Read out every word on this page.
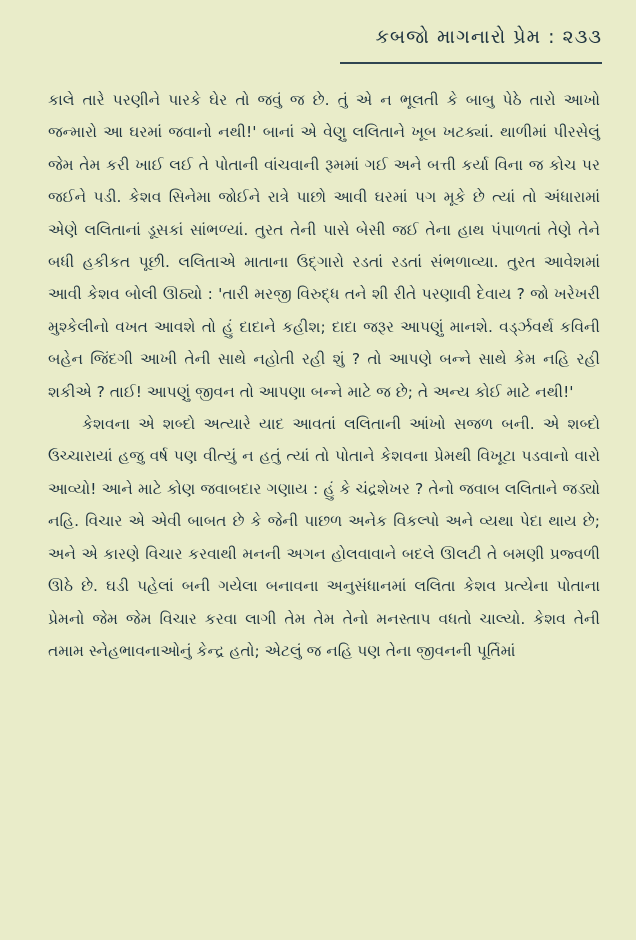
કબજો માગનારો પ્રેમ : ૨૩૩

કાલે તારે પરણીને પારકે ઘેર તો જવું જ છે. તું એ ન ભૂલતી કે બાબુ પેઠે તારો આખો જન્મારો આ ઘરમાં જવાનો નથી!' બાનાં એ વેણુ લલિતાને ખૂબ ખટક્યાં. થાળીમાં પીરસેલું જેમ તેમ કરી ખાઈ લઈ તે પોતાની વાંચવાની રૂમમાં ગઈ અને બત્તી કર્યા વિના જ કોચ પર જઈને પડી. કેશવ સિનેમા જોઈને રાત્રે પાછો આવી ઘરમાં પગ મૂકે છે ત્યાં તો અંધારામાં એણે લલિતાનાં ડૂસકાં સાંભળ્યાં. તુરત તેની પાસે બેસી જઈ તેના હાથ પંપાળતાં તેણે તેને બધી હકીકત પૂછી. લલિતાએ માતાના ઉદ્ગારો રડતાં રડતાં સંભળાવ્યા. તુરત આવેશમાં આવી કેશવ બોલી ઊઠ્યો : 'તારી મરજી વિરુદ્ધ તને શી રીતે પરણાવી દેવાય ? જો ખરેખરી મુશ્કેલીનો વખત આવશે તો હું દાદાને કહીશ; દાદા જરૂર આપણું માનશે. વર્ડ્ઝવર્થ કવિની બહેન જિંદગી આખી તેની સાથે નહોતી રહી શું ? તો આપણે બન્ને સાથે કેમ નહિ રહી શકીએ ? તાઈ! આપણું જીવન તો આપણા બન્ને માટે જ છે; તે અન્ય કોઈ માટે નથી!'

કેશવના એ શબ્દો અત્યારે યાદ આવતાં લલિતાની આંખો સજળ બની. એ શબ્દો ઉચ્ચારાયાં હજુ વર્ષ પણ વીત્યું ન હતું ત્યાં તો પોતાને કેશવના પ્રેમથી વિખૂટા પડવાનો વારો આવ્યો! આને માટે કોણ જવાબદાર ગણાય : હું કે ચંદ્રશેખર ? તેનો જવાબ લલિતાને જડ્યો નહિ. વિચાર એ એવી બાબત છે કે જેની પાછળ અનેક વિકલ્પો અને વ્યથા પેદા થાય છે; અને એ કારણે વિચાર કરવાથી મનની અગન હોલવાવાને બદલે ઊલટી તે બમણી પ્રજ્વળી ઊઠે છે. ઘડી પહેલાં બની ગયેલા બનાવના અનુસંધાનમાં લલિતા કેશવ પ્રત્યેના પોતાના પ્રેમનો જેમ જેમ વિચાર કરવા લાગી તેમ તેમ તેનો મનસ્તાપ વધતો ચાલ્યો. કેશવ તેની તમામ સ્નેહભાવનાઓનું કેન્દ્ર હતો; એટલું જ નહિ પણ તેના જીવનની પૂર્તિમાં
